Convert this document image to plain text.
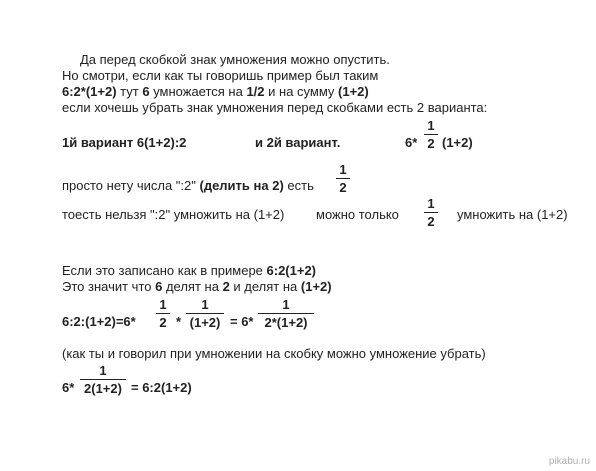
Да перед скобкой знак умножения можно опустить.
Но смотри, если как ты говоришь пример был таким
6:2*(1+2) тут 6 умножается на 1/2 и на сумму (1+2)
если хочешь убрать знак умножения перед скобками есть 2 варианта:
1й вариант 6(1+2):2	и 2й вариант.	6*
1
2 (1+2)
просто нету числа ":2" (делить на 2) есть
1
2
тоесть нельзя ":2" умножить на (1+2) можно только
1
2 умножить на (1+2)
Если это записано как в примере 6:2(1+2)
Это значит что 6 делят на 2 и делят на (1+2)
6:2:(1+2)=6*
1
2 *
1
(1+2) = 6*
1
2*(1+2)
(как ты и говорил при умножении на скобку можно умножение убрать)
6*
1
2(1+2) = 6:2(1+2)
pikabu.ru
